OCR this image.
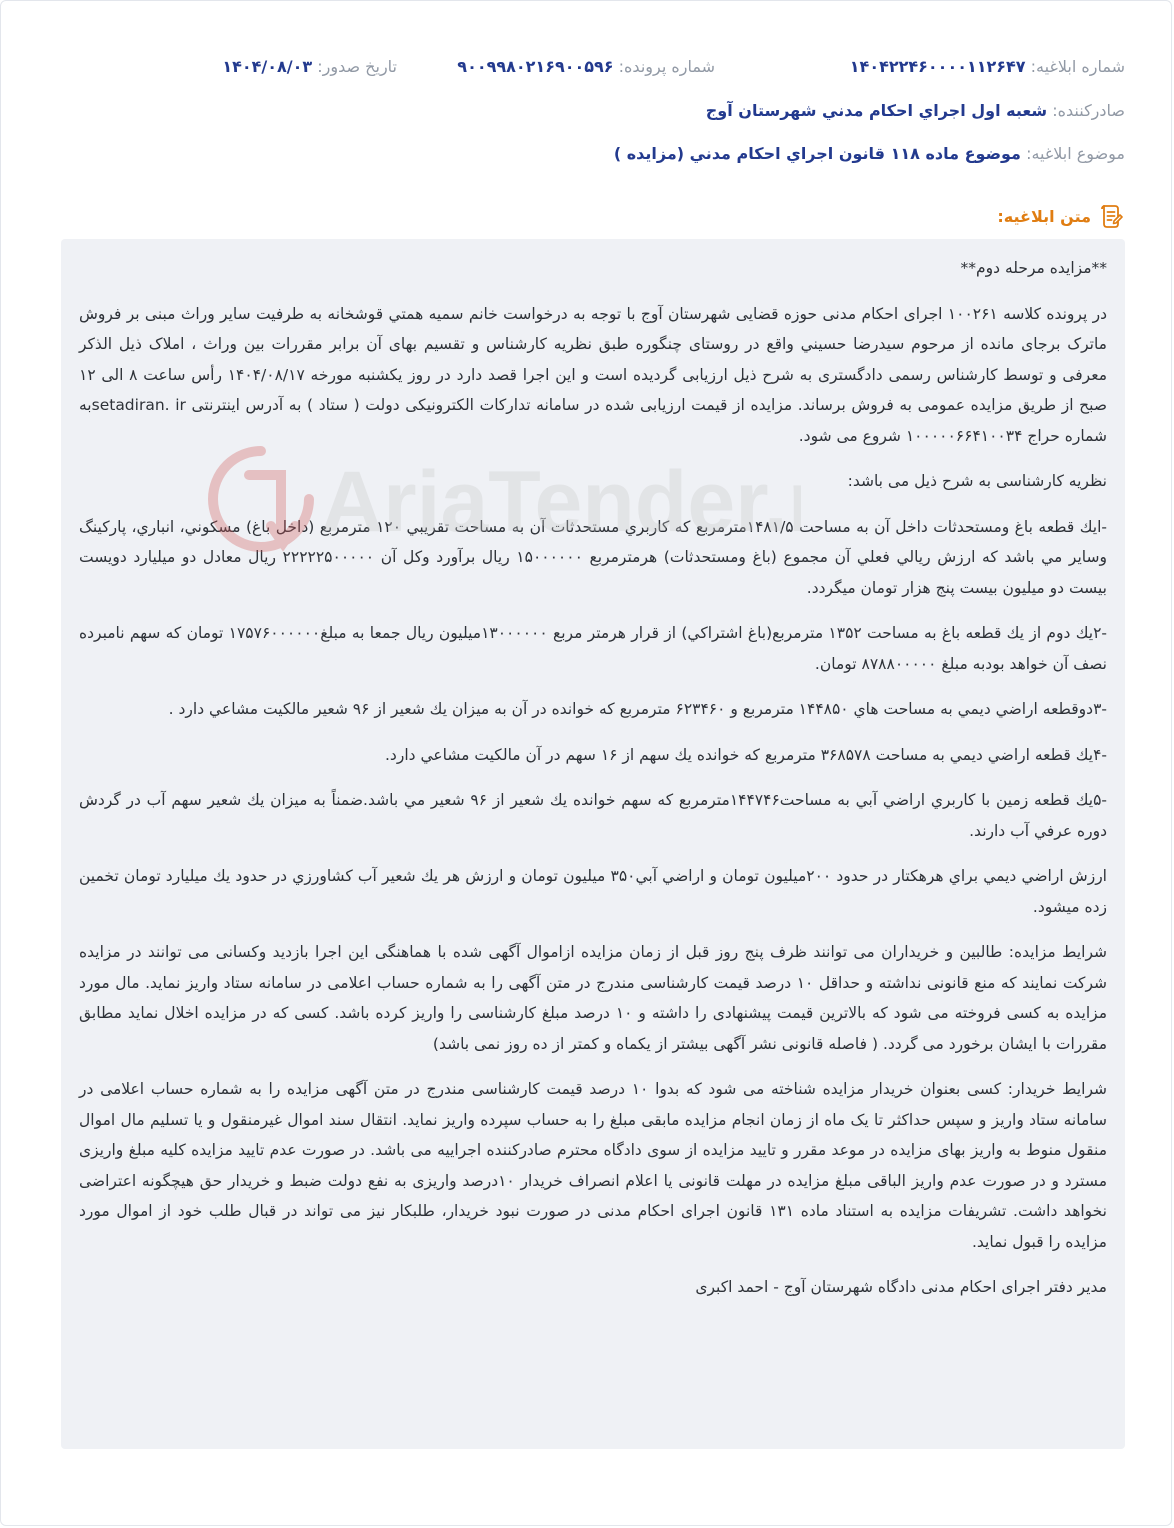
شماره ابلاغیه: ۱۴۰۴۲۲۴۶۰۰۰۰۱۱۲۶۴۷
شماره پرونده: ۹۰۰۹۹۸۰۲۱۶۹۰۰۵۹۶
تاریخ صدور: ۱۴۰۴/۰۸/۰۳
صادرکننده: شعبه اول اجراي احكام مدني شهرستان آوج
موضوع ابلاغیه: موضوع ماده ۱۱۸ قانون اجراي احكام مدني (مزايده )
متن ابلاغیه:

**مزایده مرحله دوم**

در پرونده کلاسه ۱۰۰۲۶۱ اجرای احکام مدنی حوزه قضایی شهرستان آوج با توجه به درخواست خانم سمیه همتي قوشخانه به طرفیت سایر وراث مبنی بر فروش ماترک برجای مانده از مرحوم سیدرضا حسيني واقع در روستای چنگوره طبق نظریه کارشناس و تقسیم بهای آن برابر مقررات بین وراث ، املاک ذیل الذکر معرفی و توسط کارشناس رسمی دادگستری به شرح ذیل ارزیابی گردیده است و این اجرا قصد دارد در روز یکشنبه مورخه ۱۴۰۴/۰۸/۱۷ رأس ساعت ۸ الی ۱۲ صبح از طریق مزایده عمومی به فروش برساند. مزایده از قیمت ارزیابی شده در سامانه تدارکات الکترونیکی دولت ( ستاد ) به آدرس اینترنتی setadiran. irبه شماره حراج ۱۰۰۰۰۰۶۶۴۱۰۰۳۴ شروع می شود.

نظریه کارشناسی به شرح ذیل می باشد:

-ايك قطعه باغ ومستحدثات داخل آن به مساحت ۱۴۸۱/۵مترمربع كه كاربري مستحدثات آن به مساحت تقريبي ۱۲۰ مترمربع (داخل باغ) مسكوني، انباري، پاركينگ وساير مي باشد كه ارزش ريالي فعلي آن مجموع (باغ ومستحدثات) هرمترمربع ۱۵۰۰۰۰۰۰ ريال برآورد وكل آن ۲۲۲۲۲۵۰۰۰۰۰ ريال معادل دو ميليارد دويست بيست دو ميليون بيست پنج هزار تومان ميگردد.

-۲يك دوم از يك قطعه باغ به مساحت ۱۳۵۲ مترمربع(باغ اشتراكي) از قرار هرمتر مربع ۱۳۰۰۰۰۰۰ميليون ريال جمعا به مبلغ۱۷۵۷۶۰۰۰۰۰۰ تومان كه سهم نامبرده نصف آن خواهد بودبه مبلغ ۸۷۸۸۰۰۰۰۰ تومان.

-۳دوقطعه اراضي ديمي به مساحت هاي ۱۴۴۸۵۰ مترمربع و ۶۲۳۴۶۰ مترمربع كه خوانده در آن به ميزان يك شعير از ۹۶ شعير مالكيت مشاعي دارد .

-۴يك قطعه اراضي ديمي به مساحت ۳۶۸۵۷۸ مترمربع كه خوانده يك سهم از ۱۶ سهم در آن مالكيت مشاعي دارد.

-۵يك قطعه زمين با كاربري اراضي آبي به مساحت۱۴۴۷۴۶مترمربع كه سهم خوانده يك شعير از ۹۶ شعير مي باشد.ضمناً به ميزان يك شعير سهم آب در گردش دوره عرفي آب دارند.

ارزش اراضي ديمي براي هرهكتار در حدود ۲۰۰ميليون تومان و اراضي آبي۳۵۰ ميليون تومان و ارزش هر يك شعير آب كشاورزي در حدود يك ميليارد تومان تخمين زده ميشود.

شرایط مزایده: طالبین و خریداران می توانند ظرف پنج روز قبل از زمان مزایده ازاموال آگهی شده با هماهنگی این اجرا بازدید وکسانی می توانند در مزایده شرکت نمایند که منع قانونی نداشته و حداقل ۱۰ درصد قیمت کارشناسی مندرج در متن آگهی را به شماره حساب اعلامی در سامانه ستاد واریز نماید. مال مورد مزایده به کسی فروخته می شود که بالاترین قیمت پیشنهادی را داشته و ۱۰ درصد مبلغ کارشناسی را واریز کرده باشد. کسی که در مزایده اخلال نماید مطابق مقررات با ایشان برخورد می گردد. ( فاصله قانونی نشر آگهی بیشتر از یکماه و کمتر از ده روز نمی باشد)

شرایط خریدار: کسی بعنوان خریدار مزایده شناخته می شود که بدوا ۱۰ درصد قیمت کارشناسی مندرج در متن آگهی مزایده را به شماره حساب اعلامی در سامانه ستاد واریز و سپس حداکثر تا یک ماه از زمان انجام مزایده مابقی مبلغ را به حساب سپرده واریز نماید. انتقال سند اموال غیرمنقول و یا تسلیم مال اموال منقول منوط به واریز بهای مزایده در موعد مقرر و تایید مزایده از سوی دادگاه محترم صادرکننده اجراییه می باشد. در صورت عدم تایید مزایده کلیه مبلغ واریزی مسترد و در صورت عدم واریز الباقی مبلغ مزایده در مهلت قانونی یا اعلام انصراف خریدار ۱۰درصد واریزی به نفع دولت ضبط و خریدار حق هیچگونه اعتراضی نخواهد داشت. تشریفات مزایده به استناد ماده ۱۳۱ قانون اجرای احکام مدنی در صورت نبود خریدار، طلبکار نیز می تواند در قبال طلب خود از اموال مورد مزایده را قبول نماید.

مدیر دفتر اجرای احکام مدنی دادگاه شهرستان آوج - احمد اکبری

AriaTender.
